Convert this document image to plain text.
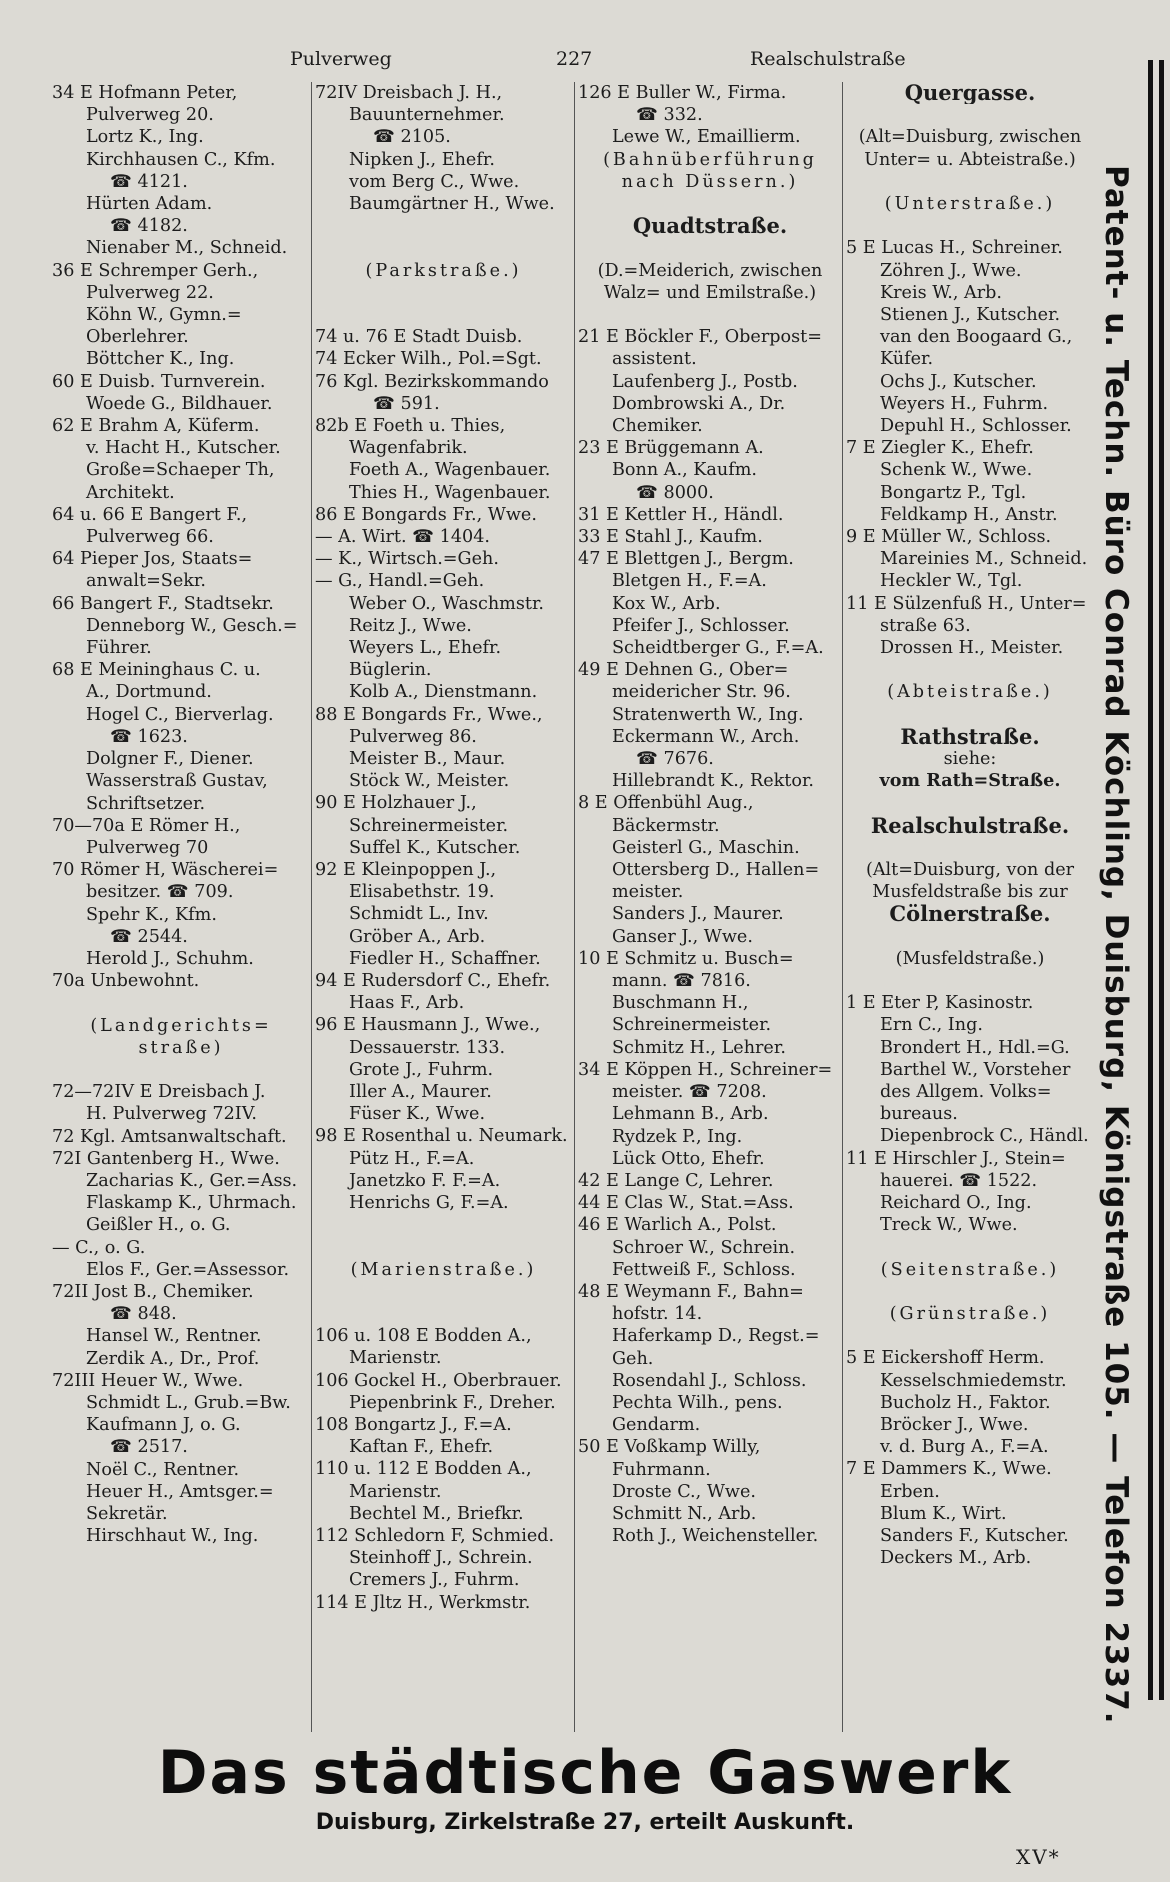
Pulverweg	227	Realschulstraße
34 E Hofmann Peter,
Pulverweg 20.
Lortz K., Ing.
Kirchhausen C., Kfm.
☎ 4121.
Hürten Adam.
☎ 4182.
Nienaber M., Schneid.
36 E Schremper Gerh.,
Pulverweg 22.
Köhn W., Gymn.=
Oberlehrer.
Böttcher K., Ing.
60 E Duisb. Turnverein.
Woede G., Bildhauer.
62 E Brahm A, Küferm.
v. Hacht H., Kutscher.
Große=Schaeper Th,
Architekt.
64 u. 66 E Bangert F.,
Pulverweg 66.
64 Pieper Jos, Staats=
anwalt=Sekr.
66 Bangert F., Stadtsekr.
Denneborg W., Gesch.=
Führer.
68 E Meininghaus C. u.
A., Dortmund.
Hogel C., Bierverlag.
☎ 1623.
Dolgner F., Diener.
Wasserstraß Gustav,
Schriftsetzer.
70—70a E Römer H.,
Pulverweg 70
70 Römer H, Wäscherei=
besitzer. ☎ 709.
Spehr K., Kfm.
☎ 2544.
Herold J., Schuhm.
70a Unbewohnt.
(Landgerichts=
straße)
72—72IV E Dreisbach J.
H. Pulverweg 72IV.
72 Kgl. Amtsanwaltschaft.
72I Gantenberg H., Wwe.
Zacharias K., Ger.=Ass.
Flaskamp K., Uhrmach.
Geißler H., o. G.
— C., o. G.
Elos F., Ger.=Assessor.
72II Jost B., Chemiker.
☎ 848.
Hansel W., Rentner.
Zerdik A., Dr., Prof.
72III Heuer W., Wwe.
Schmidt L., Grub.=Bw.
Kaufmann J, o. G.
☎ 2517.
Noël C., Rentner.
Heuer H., Amtsger.=
Sekretär.
Hirschhaut W., Ing.
72IV Dreisbach J. H.,
Bauunternehmer.
☎ 2105.
Nipken J., Ehefr.
vom Berg C., Wwe.
Baumgärtner H., Wwe.
(Parkstraße.)
74 u. 76 E Stadt Duisb.
74 Ecker Wilh., Pol.=Sgt.
76 Kgl. Bezirkskommando
☎ 591.
82b E Foeth u. Thies,
Wagenfabrik.
Foeth A., Wagenbauer.
Thies H., Wagenbauer.
86 E Bongards Fr., Wwe.
— A. Wirt. ☎ 1404.
— K., Wirtsch.=Geh.
— G., Handl.=Geh.
Weber O., Waschmstr.
Reitz J., Wwe.
Weyers L., Ehefr.
Büglerin.
Kolb A., Dienstmann.
88 E Bongards Fr., Wwe.,
Pulverweg 86.
Meister B., Maur.
Stöck W., Meister.
90 E Holzhauer J.,
Schreinermeister.
Suffel K., Kutscher.
92 E Kleinpoppen J.,
Elisabethstr. 19.
Schmidt L., Inv.
Gröber A., Arb.
Fiedler H., Schaffner.
94 E Rudersdorf C., Ehefr.
Haas F., Arb.
96 E Hausmann J., Wwe.,
Dessauerstr. 133.
Grote J., Fuhrm.
Iller A., Maurer.
Füser K., Wwe.
98 E Rosenthal u. Neumark.
Pütz H., F.=A.
Janetzko F. F.=A.
Henrichs G, F.=A.
(Marienstraße.)
106 u. 108 E Bodden A.,
Marienstr.
106 Gockel H., Oberbrauer.
Piepenbrink F., Dreher.
108 Bongartz J., F.=A.
Kaftan F., Ehefr.
110 u. 112 E Bodden A.,
Marienstr.
Bechtel M., Briefkr.
112 Schledorn F, Schmied.
Steinhoff J., Schrein.
Cremers J., Fuhrm.
114 E Jltz H., Werkmstr.
126 E Buller W., Firma.
☎ 332.
Lewe W., Emaillierm.
(Bahnüberführung
nach Düssern.)
Quadtstraße.
(D.=Meiderich, zwischen
Walz= und Emilstraße.)
21 E Böckler F., Oberpost=
assistent.
Laufenberg J., Postb.
Dombrowski A., Dr.
Chemiker.
23 E Brüggemann A.
Bonn A., Kaufm.
☎ 8000.
31 E Kettler H., Händl.
33 E Stahl J., Kaufm.
47 E Blettgen J., Bergm.
Bletgen H., F.=A.
Kox W., Arb.
Pfeifer J., Schlosser.
Scheidtberger G., F.=A.
49 E Dehnen G., Ober=
meidericher Str. 96.
Stratenwerth W., Ing.
Eckermann W., Arch.
☎ 7676.
Hillebrandt K., Rektor.
8 E Offenbühl Aug.,
Bäckermstr.
Geisterl G., Maschin.
Ottersberg D., Hallen=
meister.
Sanders J., Maurer.
Ganser J., Wwe.
10 E Schmitz u. Busch=
mann. ☎ 7816.
Buschmann H.,
Schreinermeister.
Schmitz H., Lehrer.
34 E Köppen H., Schreiner=
meister. ☎ 7208.
Lehmann B., Arb.
Rydzek P., Ing.
Lück Otto, Ehefr.
42 E Lange C, Lehrer.
44 E Clas W., Stat.=Ass.
46 E Warlich A., Polst.
Schroer W., Schrein.
Fettweiß F., Schloss.
48 E Weymann F., Bahn=
hofstr. 14.
Haferkamp D., Regst.=
Geh.
Rosendahl J., Schloss.
Pechta Wilh., pens.
Gendarm.
50 E Voßkamp Willy,
Fuhrmann.
Droste C., Wwe.
Schmitt N., Arb.
Roth J., Weichensteller.
Quergasse.
(Alt=Duisburg, zwischen
Unter= u. Abteistraße.)
(Unterstraße.)
5 E Lucas H., Schreiner.
Zöhren J., Wwe.
Kreis W., Arb.
Stienen J., Kutscher.
van den Boogaard G.,
Küfer.
Ochs J., Kutscher.
Weyers H., Fuhrm.
Depuhl H., Schlosser.
7 E Ziegler K., Ehefr.
Schenk W., Wwe.
Bongartz P., Tgl.
Feldkamp H., Anstr.
9 E Müller W., Schloss.
Mareinies M., Schneid.
Heckler W., Tgl.
11 E Sülzenfuß H., Unter=
straße 63.
Drossen H., Meister.
(Abteistraße.)
Rathstraße.
siehe:
vom Rath=Straße.
Realschulstraße.
(Alt=Duisburg, von der
Musfeldstraße bis zur
Cölnerstraße.
(Musfeldstraße.)
1 E Eter P, Kasinostr.
Ern C., Ing.
Brondert H., Hdl.=G.
Barthel W., Vorsteher
des Allgem. Volks=
bureaus.
Diepenbrock C., Händl.
11 E Hirschler J., Stein=
hauerei. ☎ 1522.
Reichard O., Ing.
Treck W., Wwe.
(Seitenstraße.)
(Grünstraße.)
5 E Eickershoff Herm.
Kesselschmiedemstr.
Bucholz H., Faktor.
Bröcker J., Wwe.
v. d. Burg A., F.=A.
7 E Dammers K., Wwe.
Erben.
Blum K., Wirt.
Sanders F., Kutscher.
Deckers M., Arb.	Patent- u. Techn. Büro Conrad Köchling, Duisburg, Königstraße 105. — Telefon 2337.
Das städtische Gaswerk
Duisburg, Zirkelstraße 27, erteilt Auskunft.
XV*
